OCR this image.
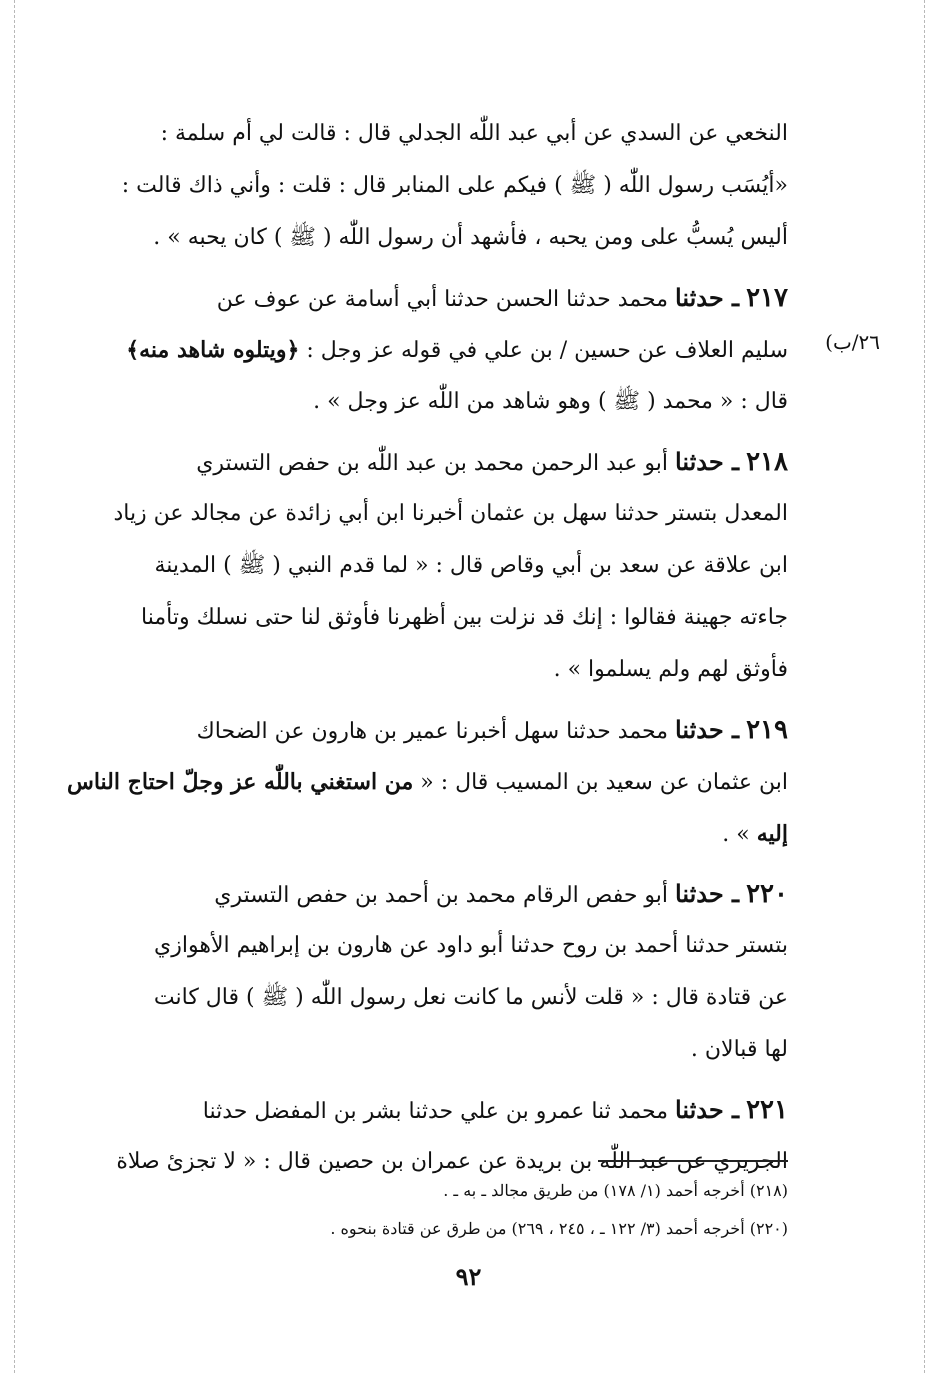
النخعي عن السدي عن أبي عبد اللّٰه الجدلي قال : قالت لي أم سلمة :
«أيُسَب رسول اللّٰه ( ﷺ ) فيكم على المنابر قال : قلت : وأني ذاك قالت :
أليس يُسبُّ على ومن يحبه ، فأشهد أن رسول اللّٰه ( ﷺ ) كان يحبه » .
٢١٧ ـ حدثنا محمد حدثنا الحسن حدثنا أبي أسامة عن عوف عن
سليم العلاف عن حسين / بن علي في قوله عز وجل : ﴿ويتلوه شاهد منه﴾
قال : « محمد ( ﷺ ) وهو شاهد من اللّٰه عز وجل » .
٢١٨ ـ حدثنا أبو عبد الرحمن محمد بن عبد اللّٰه بن حفص التستري
المعدل بتستر حدثنا سهل بن عثمان أخبرنا ابن أبي زائدة عن مجالد عن زياد
ابن علاقة عن سعد بن أبي وقاص قال : « لما قدم النبي ( ﷺ ) المدينة
جاءته جهينة فقالوا : إنك قد نزلت بين أظهرنا فأوثق لنا حتى نسلك وتأمنا
فأوثق لهم ولم يسلموا » .
٢١٩ ـ حدثنا محمد حدثنا سهل أخبرنا عمير بن هارون عن الضحاك
ابن عثمان عن سعيد بن المسيب قال : « من استغني باللّٰه عز وجلّ احتاج الناس
إليه » .
٢٢٠ ـ حدثنا أبو حفص الرقام محمد بن أحمد بن حفص التستري
بتستر حدثنا أحمد بن روح حدثنا أبو داود عن هارون بن إبراهيم الأهوازي
عن قتادة قال : « قلت لأنس ما كانت نعل رسول اللّٰه ( ﷺ ) قال كانت
لها قبالان .
٢٢١ ـ حدثنا محمد ثنا عمرو بن علي حدثنا بشر بن المفضل حدثنا
الجريري عن عبد اللّٰه بن بريدة عن عمران بن حصين قال : « لا تجزئ صلاة
٢٦/ب)
(٢١٨) أخرجه أحمد (١/ ١٧٨) من طريق مجالد ـ به ـ .
(٢٢٠) أخرجه أحمد (٣/ ١٢٢ ـ ، ٢٤٥ ، ٢٦٩) من طرق عن قتادة بنحوه .
٩٢
